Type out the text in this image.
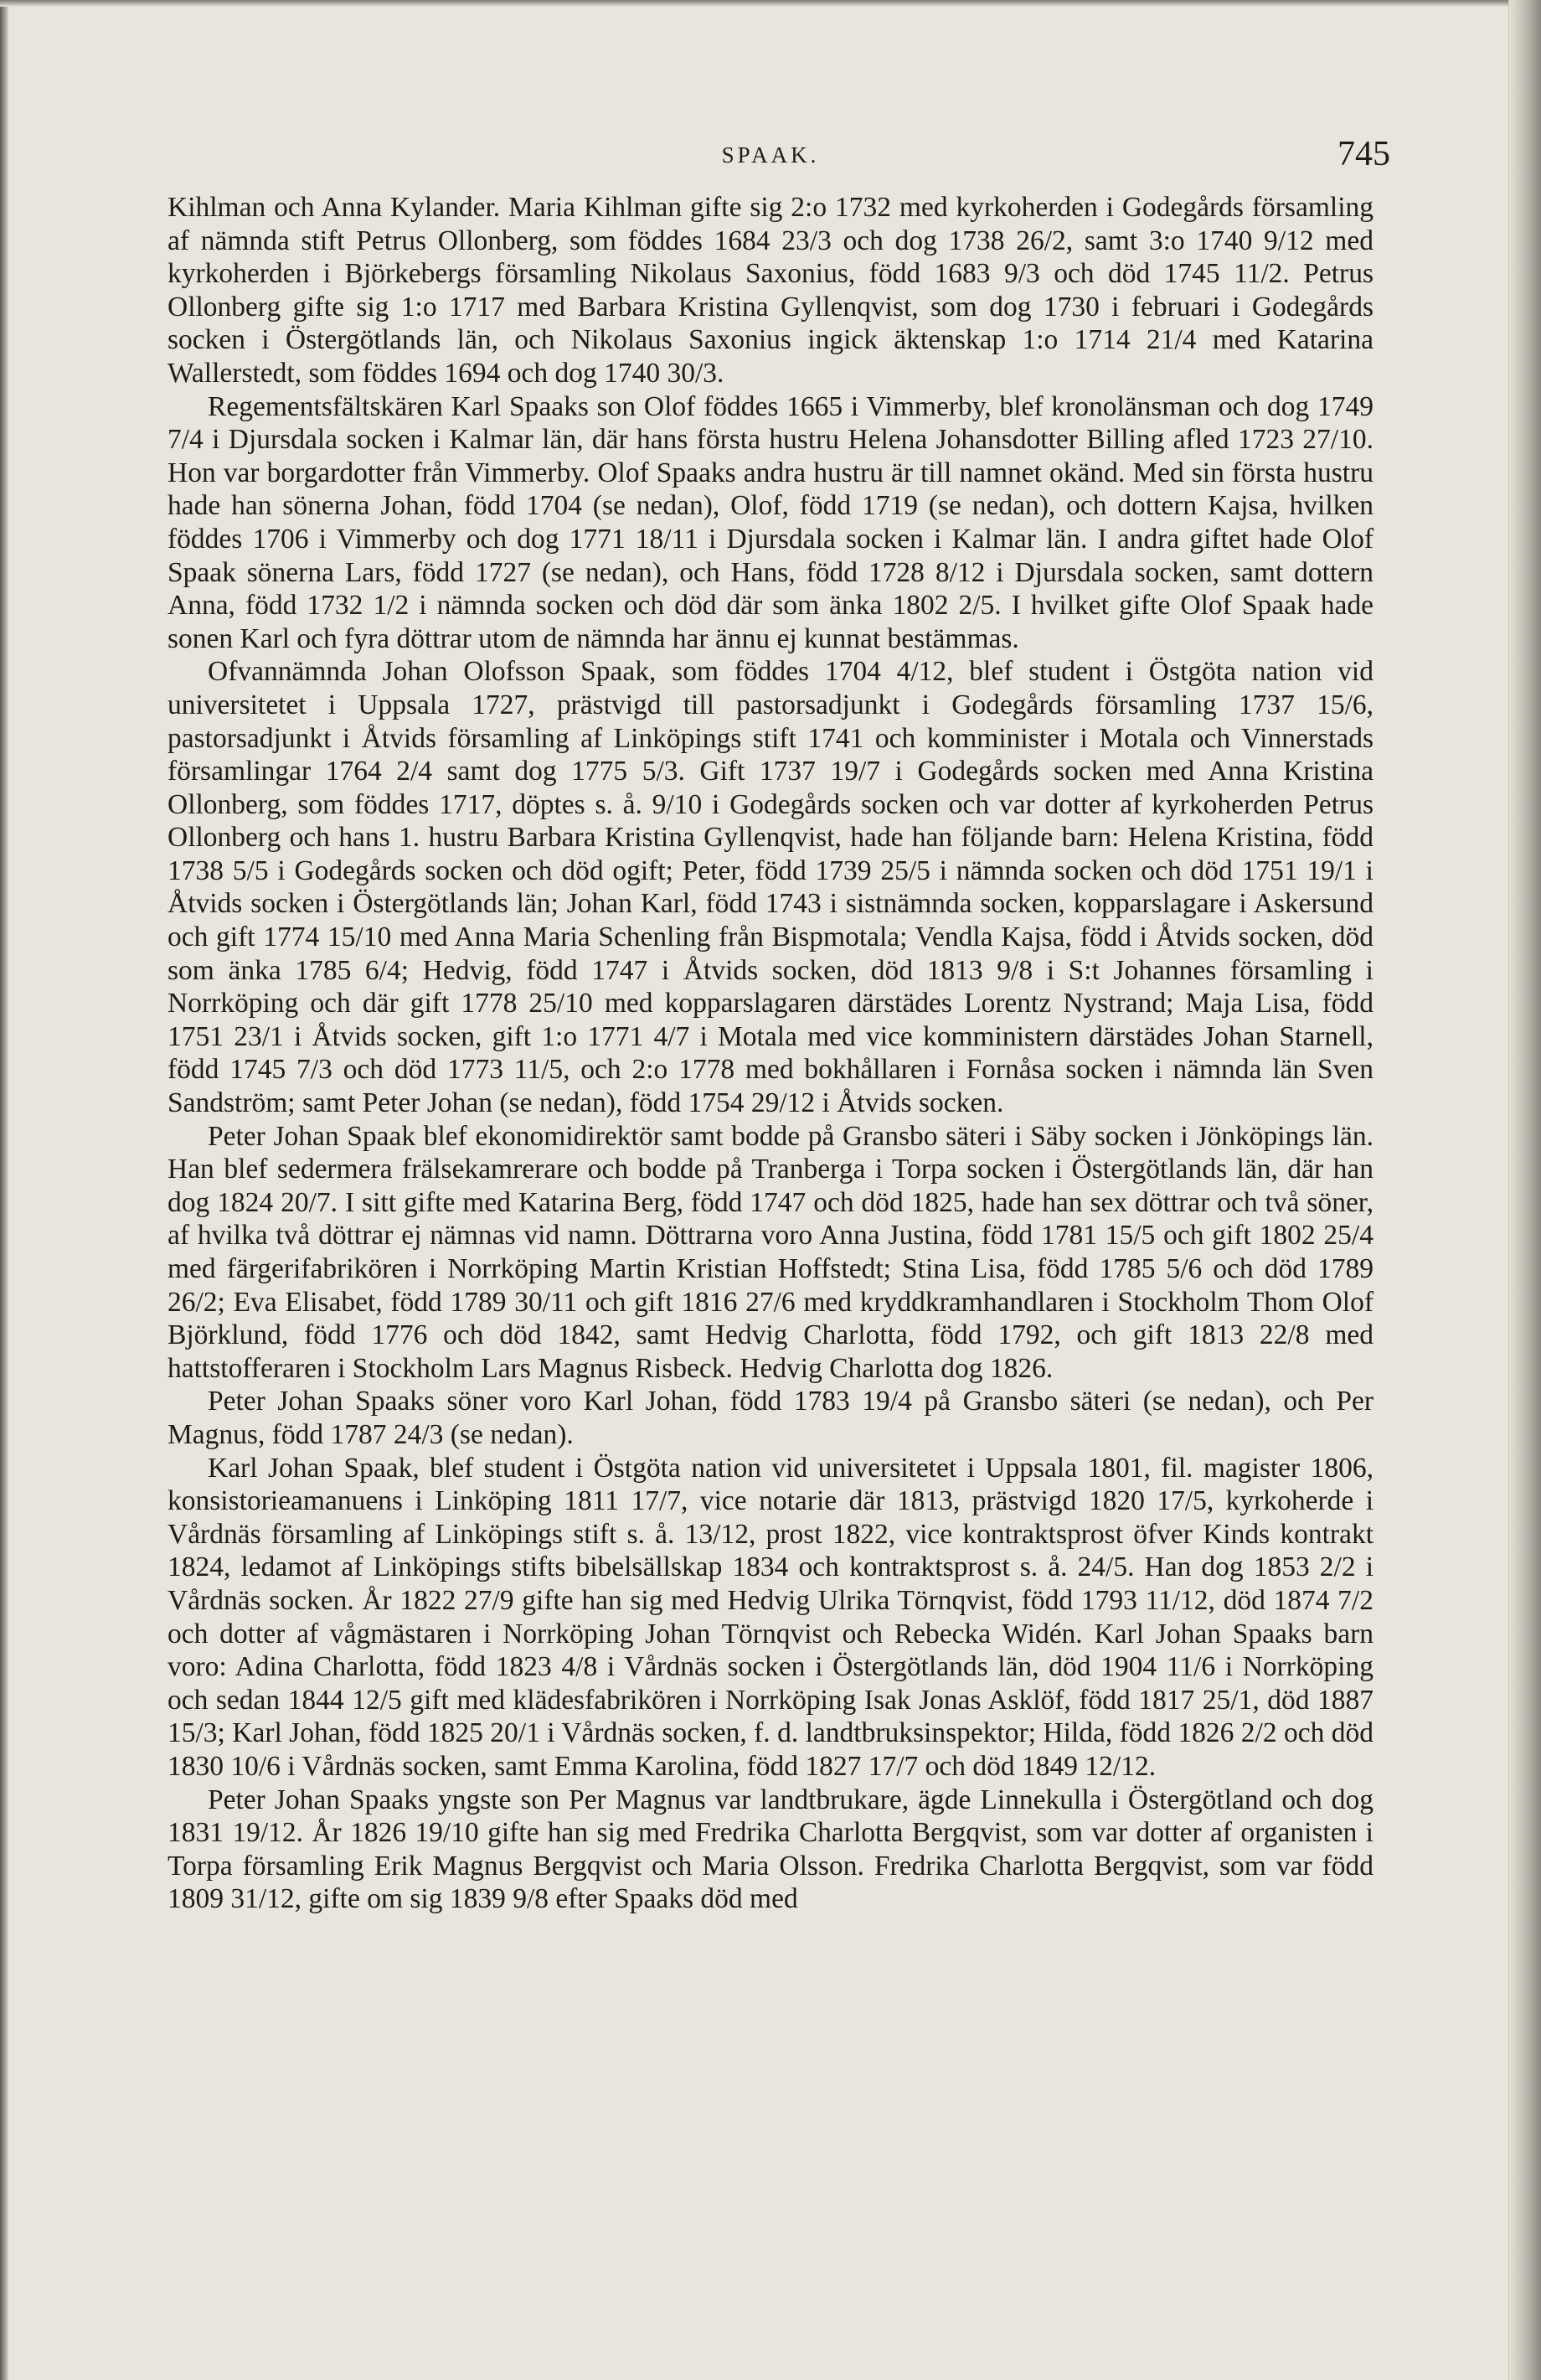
SPAAK.	745

Kihlman och Anna Kylander. Maria Kihlman gifte sig 2:o 1732 med kyrkoherden i Godegårds församling af nämnda stift Petrus Ollonberg, som föddes 1684 23/3 och dog 1738 26/2, samt 3:o 1740 9/12 med kyrkoherden i Björkebergs församling Nikolaus Saxonius, född 1683 9/3 och död 1745 11/2. Petrus Ollonberg gifte sig 1:o 1717 med Barbara Kristina Gyllenqvist, som dog 1730 i februari i Godegårds socken i Östergötlands län, och Nikolaus Saxonius ingick äktenskap 1:o 1714 21/4 med Katarina Wallerstedt, som föddes 1694 och dog 1740 30/3.

Regementsfältskären Karl Spaaks son Olof föddes 1665 i Vimmerby, blef kronolänsman och dog 1749 7/4 i Djursdala socken i Kalmar län, där hans första hustru Helena Johansdotter Billing afled 1723 27/10. Hon var borgardotter från Vimmerby. Olof Spaaks andra hustru är till namnet okänd. Med sin första hustru hade han sönerna Johan, född 1704 (se nedan), Olof, född 1719 (se nedan), och dottern Kajsa, hvilken föddes 1706 i Vimmerby och dog 1771 18/11 i Djursdala socken i Kalmar län. I andra giftet hade Olof Spaak sönerna Lars, född 1727 (se nedan), och Hans, född 1728 8/12 i Djursdala socken, samt dottern Anna, född 1732 1/2 i nämnda socken och död där som änka 1802 2/5. I hvilket gifte Olof Spaak hade sonen Karl och fyra döttrar utom de nämnda har ännu ej kunnat bestämmas.

Ofvannämnda Johan Olofsson Spaak, som föddes 1704 4/12, blef student i Östgöta nation vid universitetet i Uppsala 1727, prästvigd till pastorsadjunkt i Godegårds församling 1737 15/6, pastorsadjunkt i Åtvids församling af Linköpings stift 1741 och komminister i Motala och Vinnerstads församlingar 1764 2/4 samt dog 1775 5/3. Gift 1737 19/7 i Godegårds socken med Anna Kristina Ollonberg, som föddes 1717, döptes s. å. 9/10 i Godegårds socken och var dotter af kyrkoherden Petrus Ollonberg och hans 1. hustru Barbara Kristina Gyllenqvist, hade han följande barn: Helena Kristina, född 1738 5/5 i Godegårds socken och död ogift; Peter, född 1739 25/5 i nämnda socken och död 1751 19/1 i Åtvids socken i Östergötlands län; Johan Karl, född 1743 i sistnämnda socken, kopparslagare i Askersund och gift 1774 15/10 med Anna Maria Schenling från Bispmotala; Vendla Kajsa, född i Åtvids socken, död som änka 1785 6/4; Hedvig, född 1747 i Åtvids socken, död 1813 9/8 i S:t Johannes församling i Norrköping och där gift 1778 25/10 med kopparslagaren därstädes Lorentz Nystrand; Maja Lisa, född 1751 23/1 i Åtvids socken, gift 1:o 1771 4/7 i Motala med vice komministern därstädes Johan Starnell, född 1745 7/3 och död 1773 11/5, och 2:o 1778 med bokhållaren i Fornåsa socken i nämnda län Sven Sandström; samt Peter Johan (se nedan), född 1754 29/12 i Åtvids socken.

Peter Johan Spaak blef ekonomidirektör samt bodde på Gransbo säteri i Säby socken i Jönköpings län. Han blef sedermera frälsekamrerare och bodde på Tranberga i Torpa socken i Östergötlands län, där han dog 1824 20/7. I sitt gifte med Katarina Berg, född 1747 och död 1825, hade han sex döttrar och två söner, af hvilka två döttrar ej nämnas vid namn. Döttrarna voro Anna Justina, född 1781 15/5 och gift 1802 25/4 med färgerifabrikören i Norrköping Martin Kristian Hoffstedt; Stina Lisa, född 1785 5/6 och död 1789 26/2; Eva Elisabet, född 1789 30/11 och gift 1816 27/6 med kryddkramhandlaren i Stockholm Thom Olof Björklund, född 1776 och död 1842, samt Hedvig Charlotta, född 1792, och gift 1813 22/8 med hattstofferaren i Stockholm Lars Magnus Risbeck. Hedvig Charlotta dog 1826.

Peter Johan Spaaks söner voro Karl Johan, född 1783 19/4 på Gransbo säteri (se nedan), och Per Magnus, född 1787 24/3 (se nedan).

Karl Johan Spaak, blef student i Östgöta nation vid universitetet i Uppsala 1801, fil. magister 1806, konsistorieamanuens i Linköping 1811 17/7, vice notarie där 1813, prästvigd 1820 17/5, kyrkoherde i Vårdnäs församling af Linköpings stift s. å. 13/12, prost 1822, vice kontraktsprost öfver Kinds kontrakt 1824, ledamot af Linköpings stifts bibelsällskap 1834 och kontraktsprost s. å. 24/5. Han dog 1853 2/2 i Vårdnäs socken. År 1822 27/9 gifte han sig med Hedvig Ulrika Törnqvist, född 1793 11/12, död 1874 7/2 och dotter af vågmästaren i Norrköping Johan Törnqvist och Rebecka Widén. Karl Johan Spaaks barn voro: Adina Charlotta, född 1823 4/8 i Vårdnäs socken i Östergötlands län, död 1904 11/6 i Norrköping och sedan 1844 12/5 gift med klädesfabrikören i Norrköping Isak Jonas Asklöf, född 1817 25/1, död 1887 15/3; Karl Johan, född 1825 20/1 i Vårdnäs socken, f. d. landtbruksinspektor; Hilda, född 1826 2/2 och död 1830 10/6 i Vårdnäs socken, samt Emma Karolina, född 1827 17/7 och död 1849 12/12.

Peter Johan Spaaks yngste son Per Magnus var landtbrukare, ägde Linnekulla i Östergötland och dog 1831 19/12. År 1826 19/10 gifte han sig med Fredrika Charlotta Bergqvist, som var dotter af organisten i Torpa församling Erik Magnus Bergqvist och Maria Olsson. Fredrika Charlotta Bergqvist, som var född 1809 31/12, gifte om sig 1839 9/8 efter Spaaks död med
